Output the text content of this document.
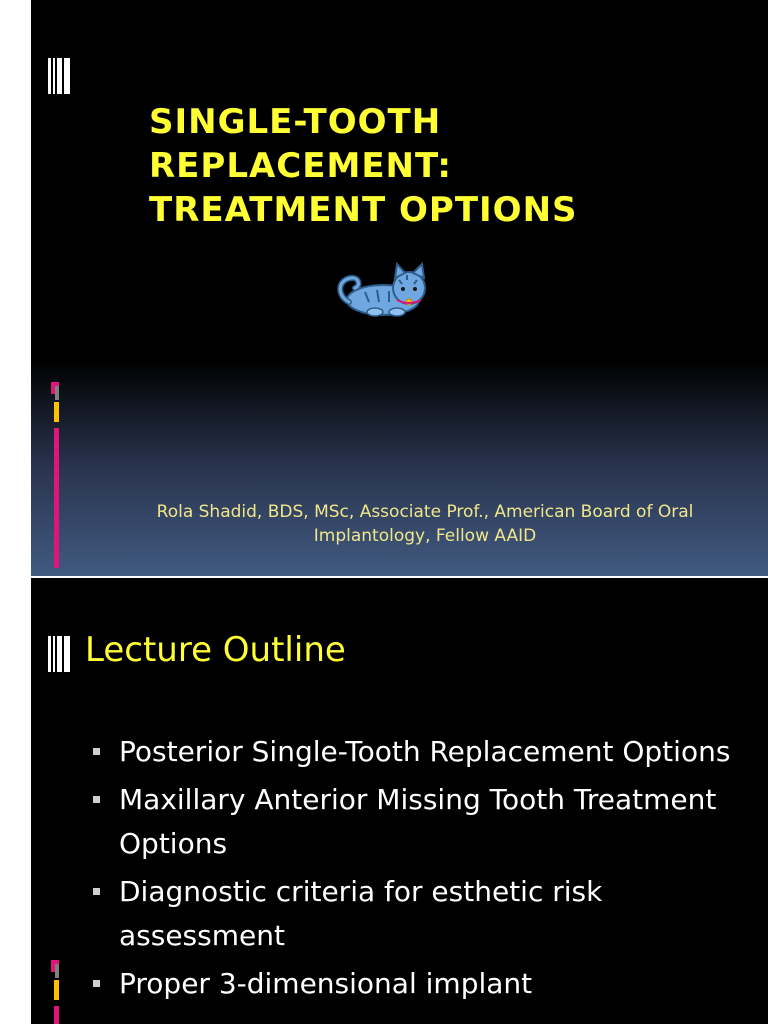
SINGLE-TOOTH
REPLACEMENT:
TREATMENT OPTIONS

Rola Shadid, BDS, MSc, Associate Prof., American Board of Oral Implantology, Fellow AAID

Lecture Outline
Posterior Single-Tooth Replacement Options
Maxillary Anterior Missing Tooth Treatment Options
Diagnostic criteria for esthetic risk assessment
Proper 3-dimensional implant
